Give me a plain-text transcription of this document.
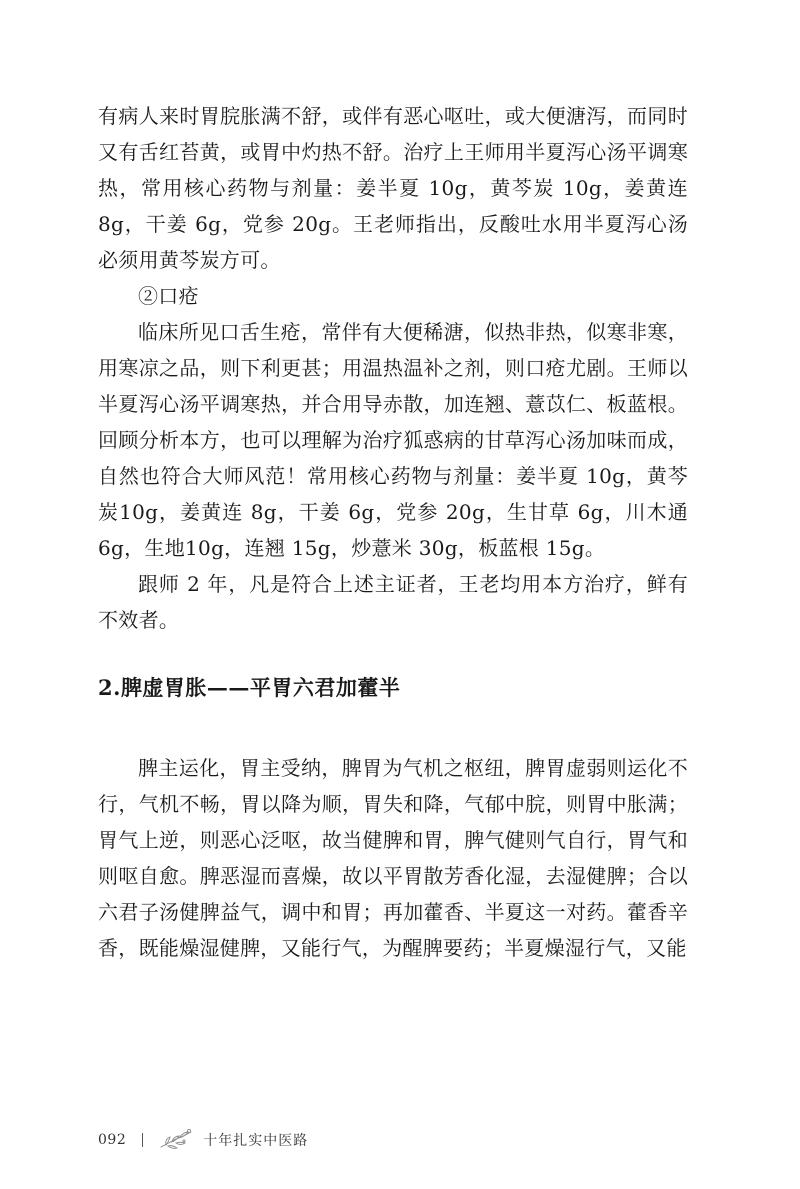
有病人来时胃脘胀满不舒，或伴有恶心呕吐，或大便溏泻，而同时又有舌红苔黄，或胃中灼热不舒。治疗上王师用半夏泻心汤平调寒热，常用核心药物与剂量：姜半夏 10g，黄芩炭 10g，姜黄连 8g，干姜 6g，党参 20g。王老师指出，反酸吐水用半夏泻心汤必须用黄芩炭方可。

②口疮

临床所见口舌生疮，常伴有大便稀溏，似热非热，似寒非寒，用寒凉之品，则下利更甚；用温热温补之剂，则口疮尤剧。王师以半夏泻心汤平调寒热，并合用导赤散，加连翘、薏苡仁、板蓝根。回顾分析本方，也可以理解为治疗狐惑病的甘草泻心汤加味而成，自然也符合大师风范！常用核心药物与剂量：姜半夏 10g，黄芩炭10g，姜黄连 8g，干姜 6g，党参 20g，生甘草 6g，川木通 6g，生地10g，连翘 15g，炒薏米 30g，板蓝根 15g。

跟师 2 年，凡是符合上述主证者，王老均用本方治疗，鲜有不效者。

2.脾虚胃胀——平胃六君加藿半

脾主运化，胃主受纳，脾胃为气机之枢纽，脾胃虚弱则运化不行，气机不畅，胃以降为顺，胃失和降，气郁中脘，则胃中胀满；胃气上逆，则恶心泛呕，故当健脾和胃，脾气健则气自行，胃气和则呕自愈。脾恶湿而喜燥，故以平胃散芳香化湿，去湿健脾；合以六君子汤健脾益气，调中和胃；再加藿香、半夏这一对药。藿香辛香，既能燥湿健脾，又能行气，为醒脾要药；半夏燥湿行气，又能

092	十年扎实中医路
